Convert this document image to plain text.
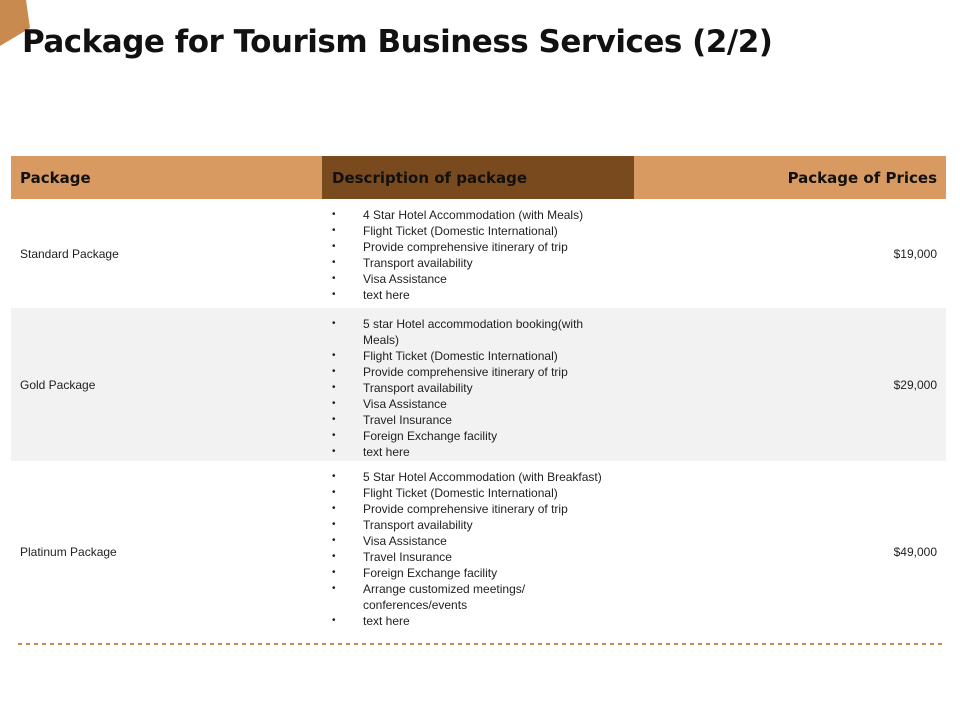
Package for Tourism Business Services (2/2)
Package	Description of package	Package of Prices
Standard Package
• 4 Star Hotel Accommodation (with Meals)
• Flight Ticket (Domestic International)
• Provide comprehensive itinerary of trip
• Transport availability
• Visa Assistance
• text here
$19,000
Gold Package
• 5 star Hotel accommodation booking(with Meals)
• Flight Ticket (Domestic International)
• Provide comprehensive itinerary of trip
• Transport availability
• Visa Assistance
• Travel Insurance
• Foreign Exchange facility
• text here
$29,000
Platinum Package
• 5 Star Hotel Accommodation (with Breakfast)
• Flight Ticket (Domestic International)
• Provide comprehensive itinerary of trip
• Transport availability
• Visa Assistance
• Travel Insurance
• Foreign Exchange facility
• Arrange customized meetings/ conferences/events
• text here
$49,000
